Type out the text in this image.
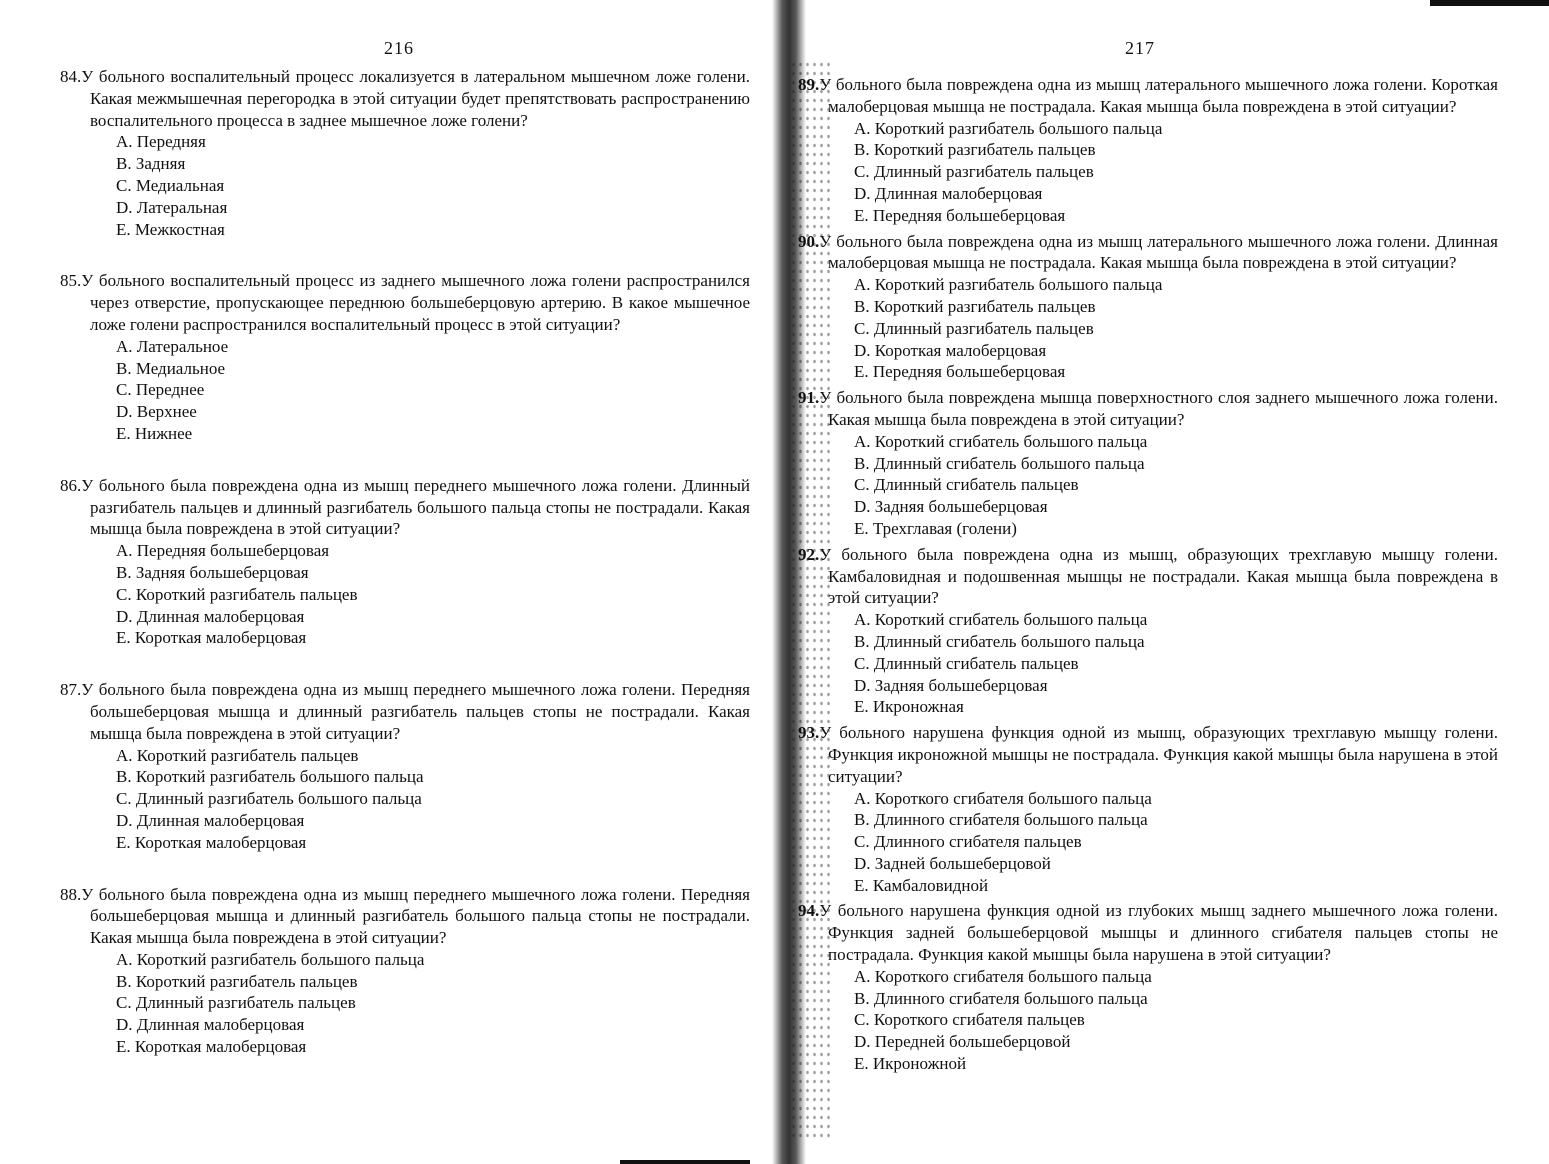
216

84.У больного воспалительный процесс локализуется в латеральном мышечном ложе голени. Какая межмышечная перегородка в этой ситуации будет препятствовать распространению воспалительного процесса в заднее мышечное ложе голени?

A. Передняя
B. Задняя
C. Медиальная
D. Латеральная
E. Межкостная

85.У больного воспалительный процесс из заднего мышечного ложа голени распространился через отверстие, пропускающее переднюю большеберцовую артерию. В какое мышечное ложе голени распространился воспалительный процесс в этой ситуации?

A. Латеральное
B. Медиальное
C. Переднее
D. Верхнее
E. Нижнее

86.У больного была повреждена одна из мышц переднего мышечного ложа голени. Длинный разгибатель пальцев и длинный разгибатель большого пальца стопы не пострадали. Какая мышца была повреждена в этой ситуации?

A. Передняя большеберцовая
B. Задняя большеберцовая
C. Короткий разгибатель пальцев
D. Длинная малоберцовая
E. Короткая малоберцовая

87.У больного была повреждена одна из мышц переднего мышечного ложа голени. Передняя большеберцовая мышца и длинный разгибатель пальцев стопы не пострадали. Какая мышца была повреждена в этой ситуации?

A. Короткий разгибатель пальцев
B. Короткий разгибатель большого пальца
C. Длинный разгибатель большого пальца
D. Длинная малоберцовая
E. Короткая малоберцовая

88.У больного была повреждена одна из мышц переднего мышечного ложа голени. Передняя большеберцовая мышца и длинный разгибатель большого пальца стопы не пострадали. Какая мышца была повреждена в этой ситуации?

A. Короткий разгибатель большого пальца
B. Короткий разгибатель пальцев
C. Длинный разгибатель пальцев
D. Длинная малоберцовая
E. Короткая малоберцовая
217

89.У больного была повреждена одна из мышц латерального мышечного ложа голени. Короткая малоберцовая мышца не пострадала. Какая мышца была повреждена в этой ситуации?

A. Короткий разгибатель большого пальца
B. Короткий разгибатель пальцев
C. Длинный разгибатель пальцев
D. Длинная малоберцовая
E. Передняя большеберцовая

90.У больного была повреждена одна из мышц латерального мышечного ложа голени. Длинная малоберцовая мышца не пострадала. Какая мышца была повреждена в этой ситуации?

A. Короткий разгибатель большого пальца
B. Короткий разгибатель пальцев
C. Длинный разгибатель пальцев
D. Короткая малоберцовая
E. Передняя большеберцовая

91.У больного была повреждена мышца поверхностного слоя заднего мышечного ложа голени. Какая мышца была повреждена в этой ситуации?

A. Короткий сгибатель большого пальца
B. Длинный сгибатель большого пальца
C. Длинный сгибатель пальцев
D. Задняя большеберцовая
E. Трехглавая (голени)

92.У больного была повреждена одна из мышц, образующих трехглавую мышцу голени. Камбаловидная и подошвенная мышцы не пострадали. Какая мышца была повреждена в этой ситуации?

A. Короткий сгибатель большого пальца
B. Длинный сгибатель большого пальца
C. Длинный сгибатель пальцев
D. Задняя большеберцовая
E. Икроножная

93.У больного нарушена функция одной из мышц, образующих трехглавую мышцу голени. Функция икроножной мышцы не пострадала. Функция какой мышцы была нарушена в этой ситуации?

A. Короткого сгибателя большого пальца
B. Длинного сгибателя большого пальца
C. Длинного сгибателя пальцев
D. Задней большеберцовой
E. Камбаловидной

94.У больного нарушена функция одной из глубоких мышц заднего мышечного ложа голени. Функция задней большеберцовой мышцы и длинного сгибателя пальцев стопы не пострадала. Функция какой мышцы была нарушена в этой ситуации?

A. Короткого сгибателя большого пальца
B. Длинного сгибателя большого пальца
C. Короткого сгибателя пальцев
D. Передней большеберцовой
E. Икроножной
